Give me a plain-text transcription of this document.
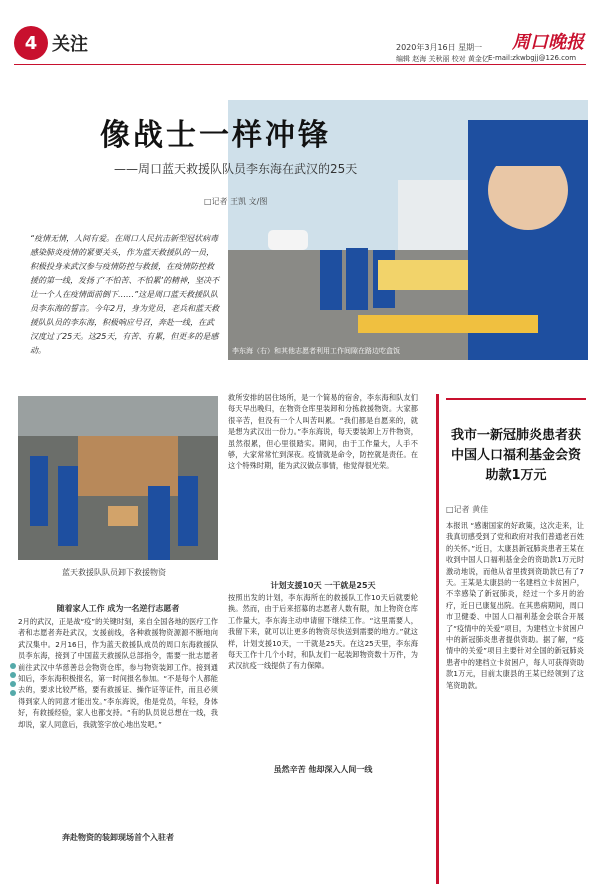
4 关注	2020年3月16日 星期一
编辑 赵海 关秋丽 校对 黄金亿
周口晚报
E-mail:zkwbgjj@126.com
李东海（右）和其他志愿者利用工作间隙在路边吃盒饭
像战士一样冲锋
——周口蓝天救援队队员李东海在武汉的25天
□记者 王凯 文/图
“疫情无情，人间有爱。在周口人民抗击新型冠状病毒感染肺炎疫情的紧要关头，作为蓝天救援队的一员，积极投身来武汉参与疫情防控与救援，在疫情防控救援的第一线，发扬了‘不怕苦、不怕累’的精神，坚决不让一个人在疫情面前倒下……”这是周口蓝天救援队队员李东海的誓言。今年2月，身为党员，老兵和蓝天救援队队员的李东海，积极响应号召，奔赴一线，在武汉度过了25天。这25天，有苦、有累，但更多的是感动。
蓝天救援队队员卸下救援物资
随着家人工作 成为一名逆行志愿者
2月的武汉，正是战“疫”的关键时刻，来自全国各地的医疗工作者和志愿者奔赴武汉，支援前线，各种救援物资源源不断地向武汉集中。2月16日，作为蓝天救援队成员的周口东海救援队员李东海，接到了中国蓝天救援队总部指令，需要一批志愿者前往武汉中华慈善总会物资仓库，参与物资装卸工作。接到通知后，李东海积极报名，第一时间报名参加。“不是每个人都能去的，要求比较严格，要有救援证、操作证等证件，而且必须得到家人的同意才能出发。”李东海说，他是党员，年轻，身体好，有救援经验，家人也都支持。“有的队员说总想在一线，我却说，家人同意后，我就签字放心地出发吧。”
奔赴物资的装卸现场首个入驻者
救所安排的居住场所，是一个简易的宿舍，李东海和队友们每天早出晚归，在物资仓库里装卸和分拣救援物资。大家都很辛苦，但没有一个人叫苦叫累。“我们都是自愿来的，就是想为武汉出一份力。”李东海说，每天要装卸上万件物资，虽然很累，但心里很踏实。期间，由于工作量大，人手不够，大家常常忙到深夜。疫情就是命令，防控就是责任。在这个特殊时期，能为武汉做点事情，他觉得很光荣。
计划支援10天 一干就是25天
按照出发的计划，李东海所在的救援队工作10天后就要轮换。然而，由于后来招募的志愿者人数有限，加上物资仓库工作量大，李东海主动申请留下继续工作。“这里需要人，我留下来，就可以让更多的物资尽快送到需要的地方。”就这样，计划支援10天，一干就是25天。在这25天里，李东海每天工作十几个小时，和队友们一起装卸物资数十万件，为武汉抗疫一线提供了有力保障。
虽然辛苦 他却深入人间一线
我市一新冠肺炎患者获中国人口福利基金会资助款1万元
□记者 黄佳
本报讯 “感谢国家的好政策，这次走来，让我真切感受到了党和政府对我们普通老百姓的关怀。”近日，太康县新冠肺炎患者王某在收到中国人口福利基金会的资助款1万元时激动地说，而他从省里拨到资助款已有了7天。王某是太康县的一名建档立卡贫困户，不幸感染了新冠肺炎，经过一个多月的治疗，近日已康复出院。在其患病期间，周口市卫健委、中国人口福利基金会联合开展了“疫情中的关爱”项目，为建档立卡贫困户中的新冠肺炎患者提供资助。据了解，“疫情中的关爱”项目主要针对全国的新冠肺炎患者中的建档立卡贫困户，每人可获得资助款1万元，目前太康县的王某已经领到了这笔资助款。
